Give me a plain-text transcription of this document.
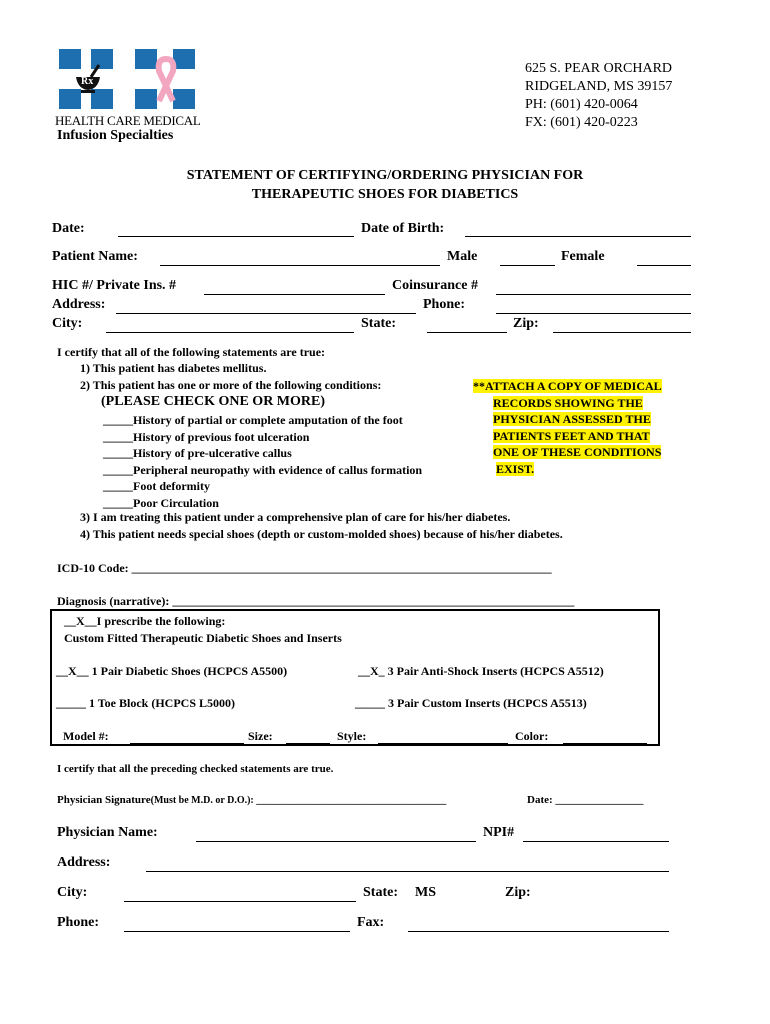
Rx
HEALTH CARE MEDICAL
Infusion Specialties
625 S. PEAR ORCHARD
RIDGELAND, MS 39157
PH: (601) 420-0064
FX: (601) 420-0223
STATEMENT OF CERTIFYING/ORDERING PHYSICIAN FOR
THERAPEUTIC SHOES FOR DIABETICS
Date:	Date of Birth:
Patient Name:	Male	Female
HIC #/ Private Ins. #	Coinsurance #
Address:	Phone:
City:	State:	Zip:
I certify that all of the following statements are true:
1) This patient has diabetes mellitus.
2) This patient has one or more of the following conditions:
(PLEASE CHECK ONE OR MORE)
_____History of partial or complete amputation of the foot
_____History of previous foot ulceration
_____History of pre-ulcerative callus
_____Peripheral neuropathy with evidence of callus formation
_____Foot deformity
_____Poor Circulation
**ATTACH A COPY OF MEDICAL
RECORDS SHOWING THE
PHYSICIAN ASSESSED THE
PATIENTS FEET AND THAT
ONE OF THESE CONDITIONS
EXIST.
3) I am treating this patient under a comprehensive plan of care for his/her diabetes.
4) This patient needs special shoes (depth or custom-molded shoes) because of his/her diabetes.
ICD-10 Code: ______________________________________________________________________
Diagnosis (narrative): ___________________________________________________________________
__X__I prescribe the following:
Custom Fitted Therapeutic Diabetic Shoes and Inserts
__X__ 1 Pair Diabetic Shoes (HCPCS A5500)	__X_ 3 Pair Anti-Shock Inserts (HCPCS A5512)
_____ 1 Toe Block (HCPCS L5000)	_____ 3 Pair Custom Inserts (HCPCS A5513)
Model #:	Size:	Style:	Color:
I certify that all the preceding checked statements are true.
Physician Signature(Must be M.D. or D.O.): ______________________________________	Date: ________________
Physician Name:	NPI#
Address:
City:	State: MS	Zip:
Phone:	Fax:
